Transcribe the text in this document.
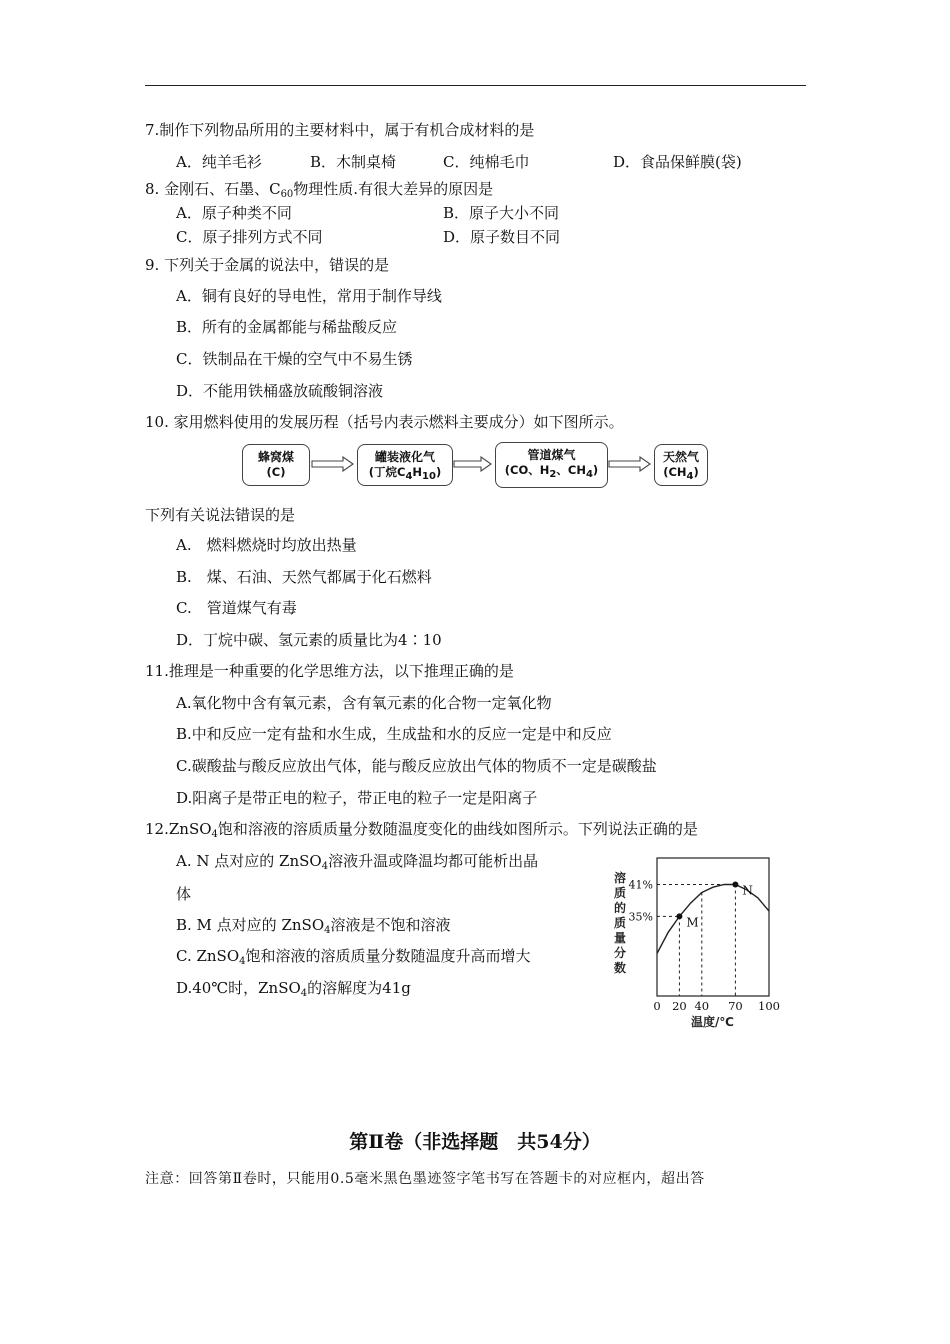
7.制作下列物品所用的主要材料中，属于有机合成材料的是
A．纯羊毛衫	B．木制桌椅	C．纯棉毛巾	D．食品保鲜膜(袋)
8. 金刚石、石墨、$C_{60}$物理性质.有很大差异的原因是
A．原子种类不同	B．原子大小不同
C．原子排列方式不同	D．原子数目不同
9. 下列关于金属的说法中，错误的是
A．铜有良好的导电性，常用于制作导线
B．所有的金属都能与稀盐酸反应
C．铁制品在干燥的空气中不易生锈
D．不能用铁桶盛放硫酸铜溶液
10. 家用燃料使用的发展历程（括号内表示燃料主要成分）如下图所示。
蜂窝煤
(C)
罐装液化气
(丁烷$C_4H_{10}$)
管道煤气
(CO、$H_2$、$CH_4$)
天然气
$(CH_4)$
下列有关说法错误的是
A.　燃料燃烧时均放出热量
B.　煤、石油、天然气都属于化石燃料
C.　管道煤气有毒
D．丁烷中碳、氢元素的质量比为4∶10
11.推理是一种重要的化学思维方法，以下推理正确的是
A.氧化物中含有氧元素，含有氧元素的化合物一定氧化物
B.中和反应一定有盐和水生成，生成盐和水的反应一定是中和反应
C.碳酸盐与酸反应放出气体，能与酸反应放出气体的物质不一定是碳酸盐
D.阳离子是带正电的粒子，带正电的粒子一定是阳离子
12.ZnSO$_4$饱和溶液的溶质质量分数随温度变化的曲线如图所示。下列说法正确的是
A. N 点对应的 ZnSO$_4$溶液升温或降温均都可能析出晶
体
B. M 点对应的 ZnSO$_4$溶液是不饱和溶液
C. ZnSO$_4$饱和溶液的溶质质量分数随温度升高而增大
D.40℃时，ZnSO$_4$的溶解度为41g
溶质的质量分数
温度/℃
M
N
41%
35%
0 20 40 70 100
第Ⅱ卷（非选择题　共54分）
注意：回答第Ⅱ卷时，只能用0.5毫米黑色墨迹签字笔书写在答题卡的对应框内，超出答
